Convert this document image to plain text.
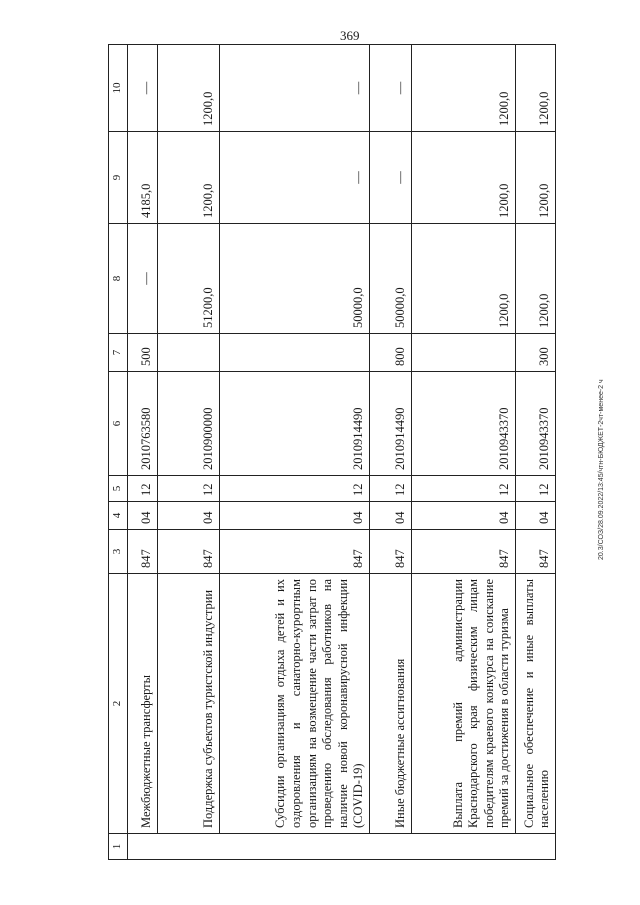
369
20.3/СОЗ/28.09.2022/13:45/чтн-БЮДЖЕТ-2чт-менее-2 ч
1	2	3	4	5	6	7	8	9	10
	Межбюджетные трансферты	847	04	12	2010763580	500	—	4185,0	—
	Поддержка субъектов туристской индустрии	847	04	12	2010900000		51200,0	1200,0	1200,0
	Субсидии организациям отдыха детей и их оздоровления и санаторно-курортным организациям на возмещение части затрат по проведению обследования работников на наличие новой коронавирусной инфекции (COVID-19)	847	04	12	2010914490		50000,0	—	—
	Иные бюджетные ассигнования	847	04	12	2010914490	800	50000,0	—	—
	Выплата премий администрации Краснодарского края физическим лицам победителям краевого конкурса на соискание премий за достижения в области туризма	847	04	12	2010943370		1200,0	1200,0	1200,0
	Социальное обеспечение и иные выплаты населению	847	04	12	2010943370	300	1200,0	1200,0	1200,0
